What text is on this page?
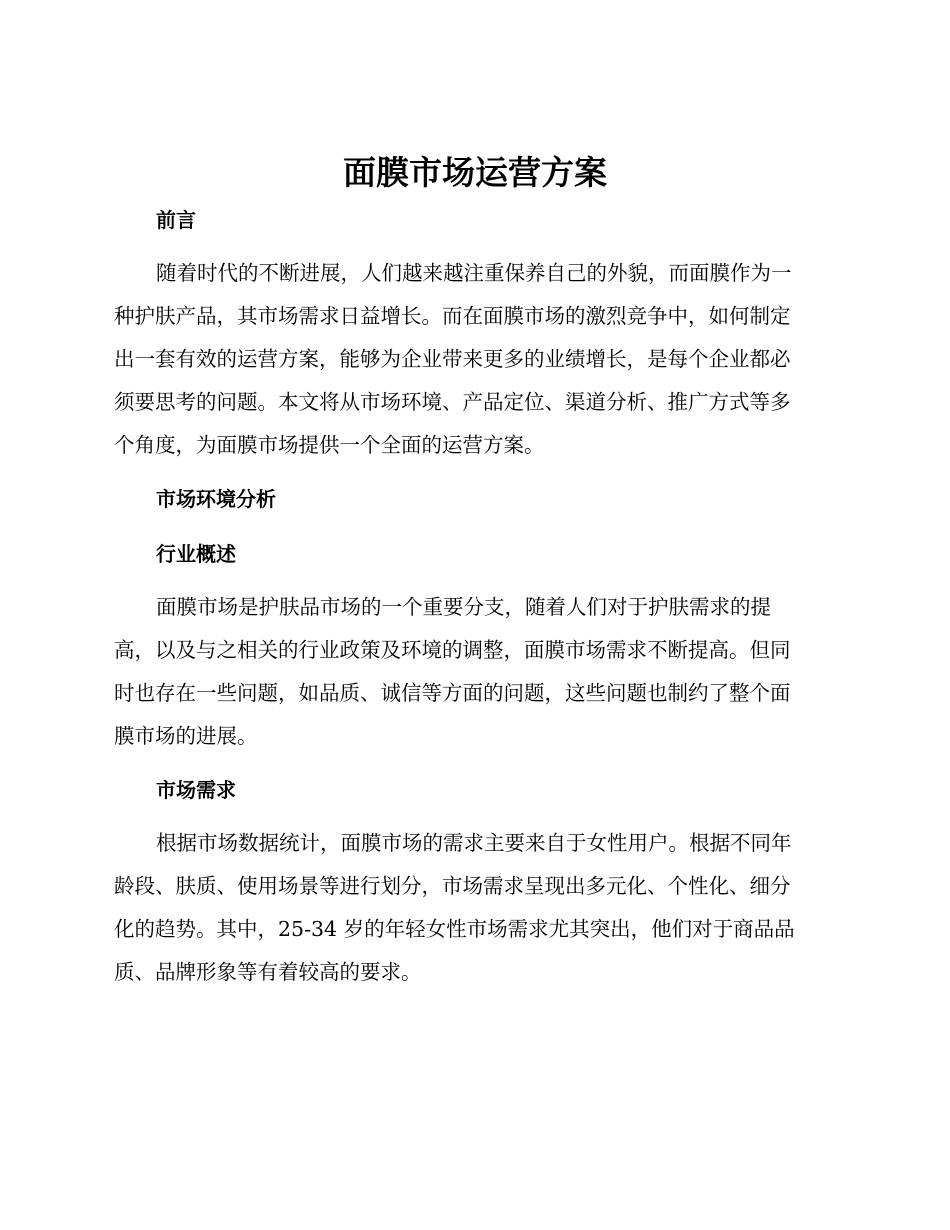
面膜市场运营方案
前言
随着时代的不断进展，人们越来越注重保养自己的外貌，而面膜作为一
种护肤产品，其市场需求日益增长。而在面膜市场的激烈竞争中，如何制定
出一套有效的运营方案，能够为企业带来更多的业绩增长，是每个企业都必
须要思考的问题。本文将从市场环境、产品定位、渠道分析、推广方式等多
个角度，为面膜市场提供一个全面的运营方案。
市场环境分析
行业概述
面膜市场是护肤品市场的一个重要分支，随着人们对于护肤需求的提
高，以及与之相关的行业政策及环境的调整，面膜市场需求不断提高。但同
时也存在一些问题，如品质、诚信等方面的问题，这些问题也制约了整个面
膜市场的进展。
市场需求
根据市场数据统计，面膜市场的需求主要来自于女性用户。根据不同年
龄段、肤质、使用场景等进行划分，市场需求呈现出多元化、个性化、细分
化的趋势。其中，25-34 岁的年轻女性市场需求尤其突出，他们对于商品品
质、品牌形象等有着较高的要求。
